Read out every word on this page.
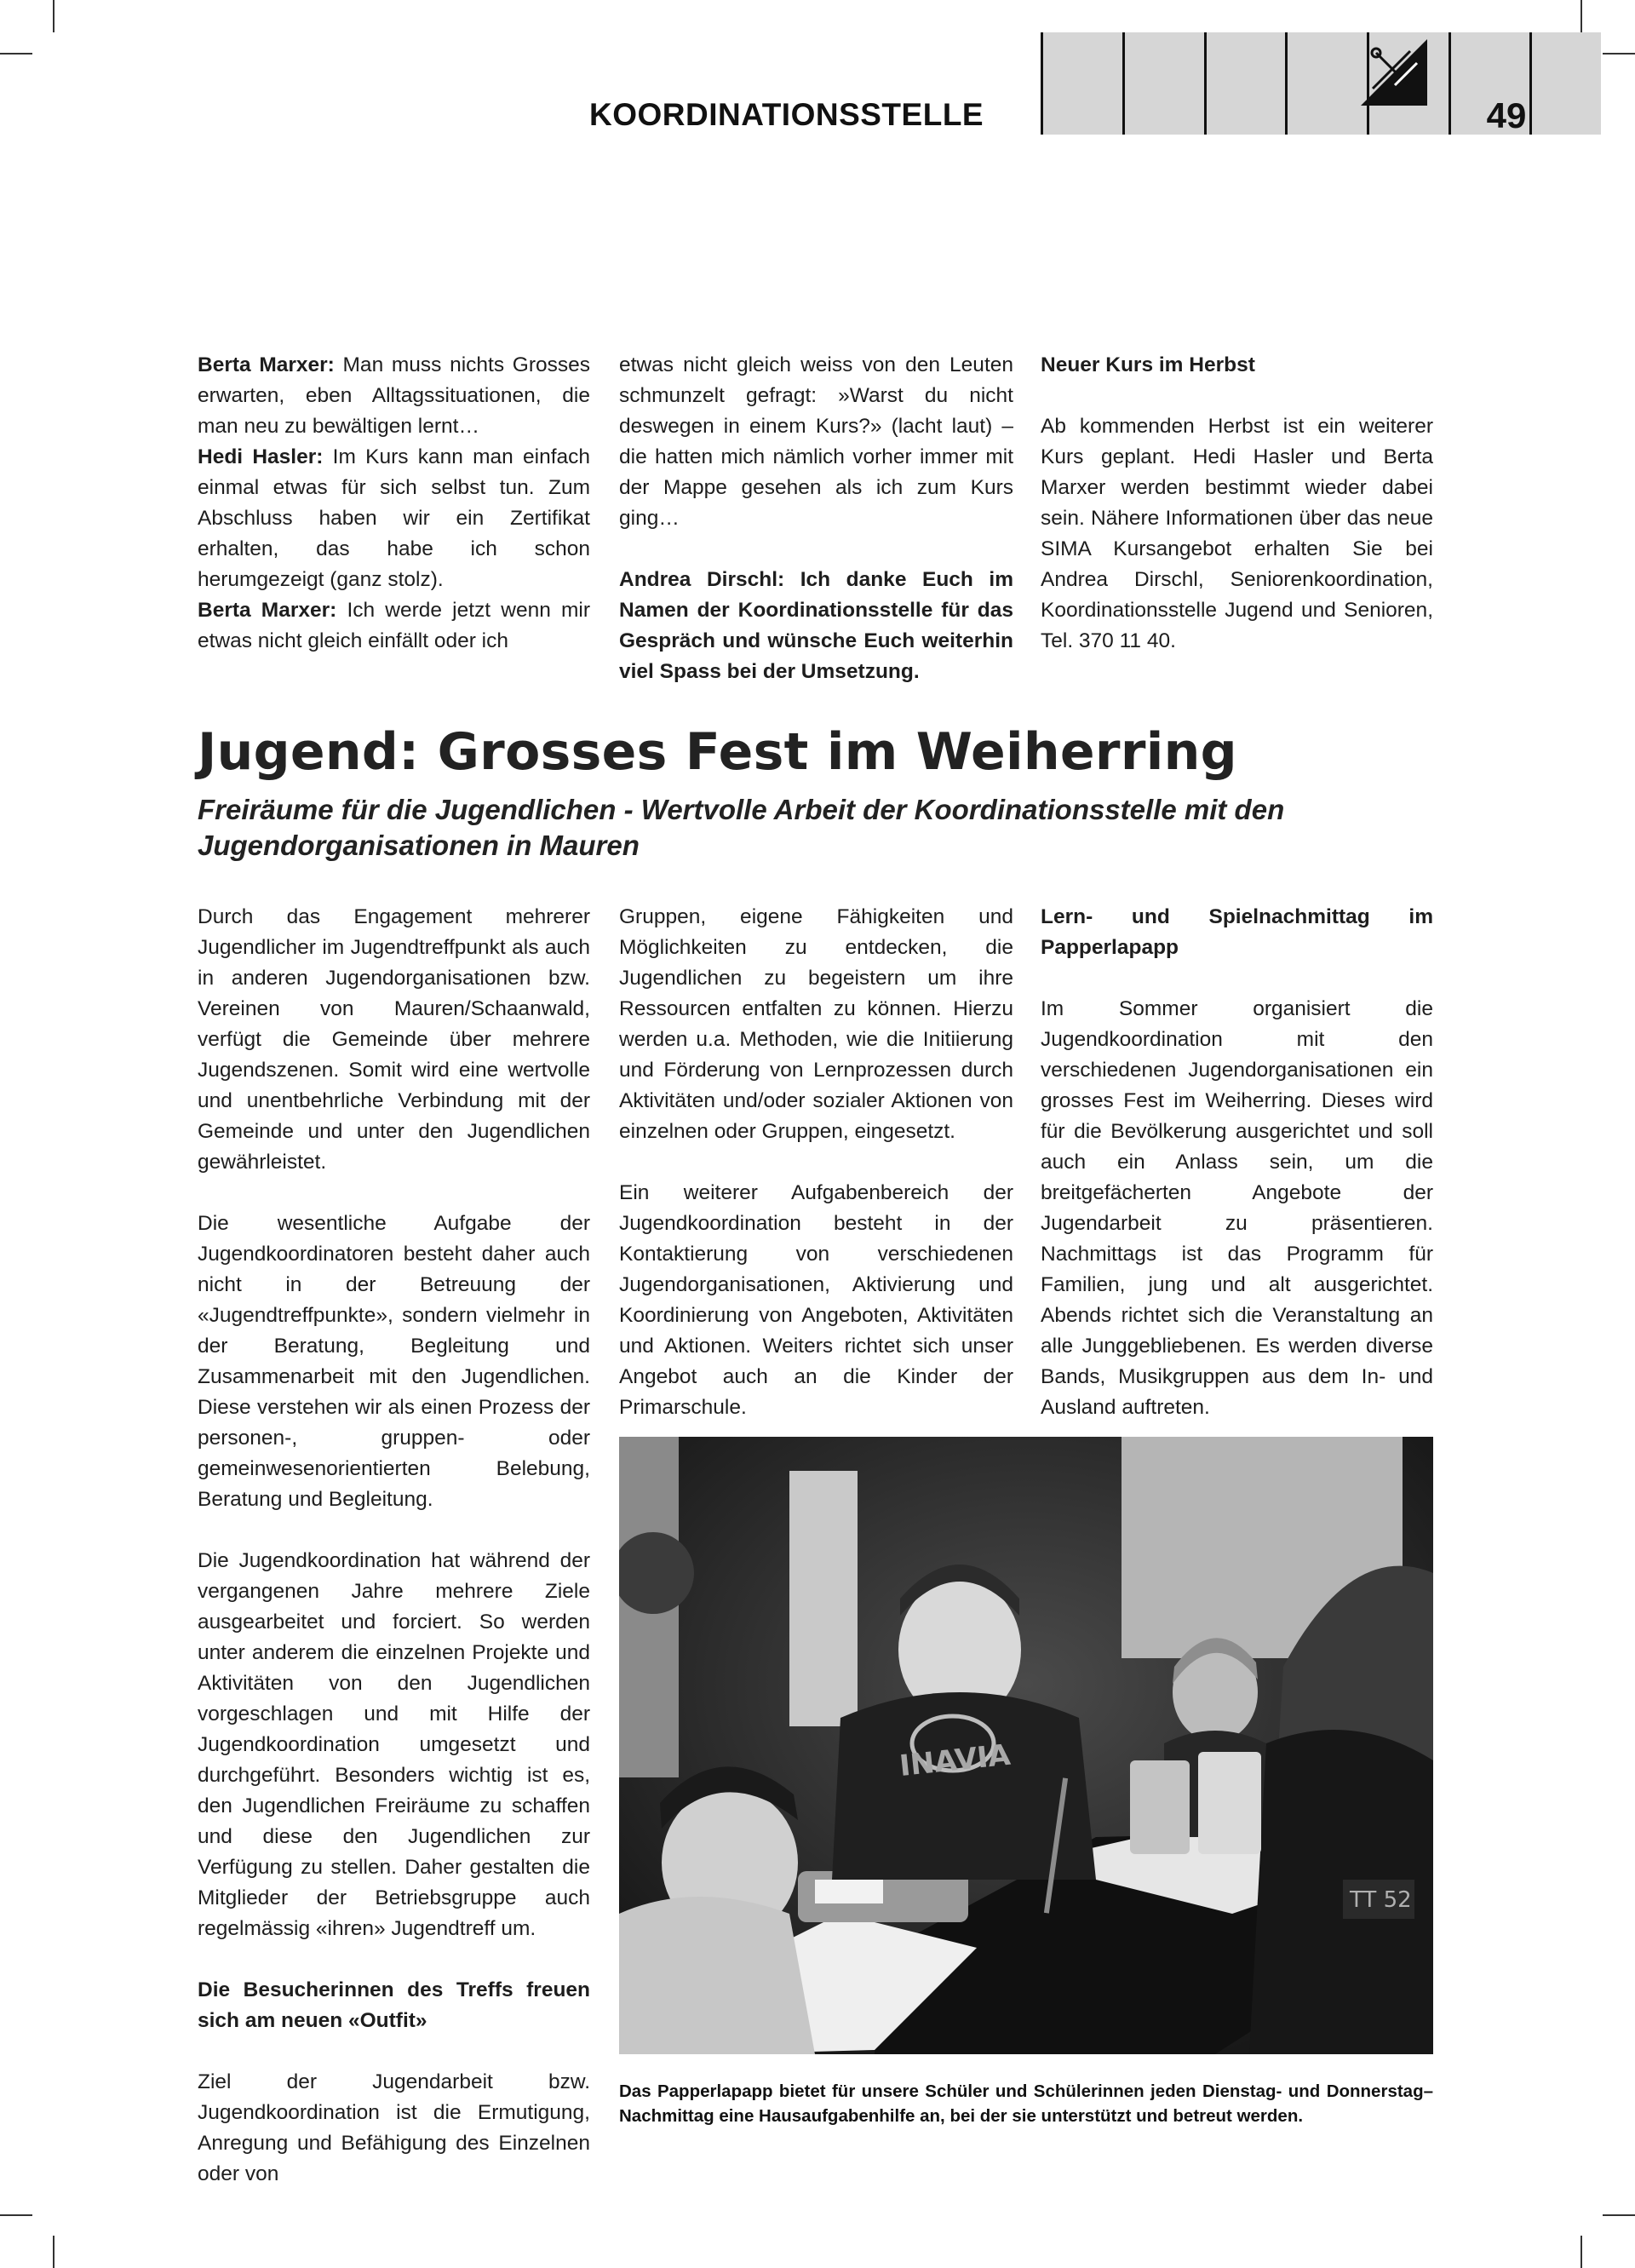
KOORDINATIONSSTELLE	49

Berta Marxer: Man muss nichts Grosses erwarten, eben Alltagssituationen, die man neu zu bewältigen lernt…

Hedi Hasler: Im Kurs kann man einfach einmal etwas für sich selbst tun. Zum Abschluss haben wir ein Zertifikat erhalten, das habe ich schon herumgezeigt (ganz stolz).

Berta Marxer: Ich werde jetzt wenn mir etwas nicht gleich einfällt oder ich

etwas nicht gleich weiss von den Leuten schmunzelt gefragt: »Warst du nicht deswegen in einem Kurs?» (lacht laut) – die hatten mich nämlich vorher immer mit der Mappe gesehen als ich zum Kurs ging…

Andrea Dirschl: Ich danke Euch im Namen der Koordinationsstelle für das Gespräch und wünsche Euch weiterhin viel Spass bei der Umsetzung.

Neuer Kurs im Herbst

Ab kommenden Herbst ist ein weiterer Kurs geplant. Hedi Hasler und Berta Marxer werden bestimmt wieder dabei sein. Nähere Informationen über das neue SIMA Kursangebot erhalten Sie bei Andrea Dirschl, Seniorenkoordination, Koordinationsstelle Jugend und Senioren, Tel. 370 11 40.

Jugend: Grosses Fest im Weiherring

Freiräume für die Jugendlichen - Wertvolle Arbeit der Koordinationsstelle mit den Jugendorganisationen in Mauren

Durch das Engagement mehrerer Jugendlicher im Jugendtreffpunkt als auch in anderen Jugendorganisationen bzw. Vereinen von Mauren/Schaanwald, verfügt die Gemeinde über mehrere Jugendszenen. Somit wird eine wertvolle und unentbehrliche Verbindung mit der Gemeinde und unter den Jugendlichen gewährleistet.

Die wesentliche Aufgabe der Jugendkoordinatoren besteht daher auch nicht in der Betreuung der «Jugendtreffpunkte», sondern vielmehr in der Beratung, Begleitung und Zusammenarbeit mit den Jugendlichen. Diese verstehen wir als einen Prozess der personen-, gruppen- oder gemeinwesenorientierten Belebung, Beratung und Begleitung.

Die Jugendkoordination hat während der vergangenen Jahre mehrere Ziele ausgearbeitet und forciert. So werden unter anderem die einzelnen Projekte und Aktivitäten von den Jugendlichen vorgeschlagen und mit Hilfe der Jugendkoordination umgesetzt und durchgeführt. Besonders wichtig ist es, den Jugendlichen Freiräume zu schaffen und diese den Jugendlichen zur Verfügung zu stellen. Daher gestalten die Mitglieder der Betriebsgruppe auch regelmässig «ihren» Jugendtreff um.

Die Besucherinnen des Treffs freuen sich am neuen «Outfit»

Ziel der Jugendarbeit bzw. Jugendkoordination ist die Ermutigung, Anregung und Befähigung des Einzelnen oder von

Gruppen, eigene Fähigkeiten und Möglichkeiten zu entdecken, die Jugendlichen zu begeistern um ihre Ressourcen entfalten zu können. Hierzu werden u.a. Methoden, wie die Initiierung und Förderung von Lernprozessen durch Aktivitäten und/oder sozialer Aktionen von einzelnen oder Gruppen, eingesetzt.

Ein weiterer Aufgabenbereich der Jugendkoordination besteht in der Kontaktierung von verschiedenen Jugendorganisationen, Aktivierung und Koordinierung von Angeboten, Aktivitäten und Aktionen. Weiters richtet sich unser Angebot auch an die Kinder der Primarschule.

Lern- und Spielnachmittag im Papperlapapp

Im Sommer organisiert die Jugendkoordination mit den verschiedenen Jugendorganisationen ein grosses Fest im Weiherring. Dieses wird für die Bevölkerung ausgerichtet und soll auch ein Anlass sein, um die breitgefächerten Angebote der Jugendarbeit zu präsentieren. Nachmittags ist das Programm für Familien, jung und alt ausgerichtet. Abends richtet sich die Veranstaltung an alle Junggebliebenen. Es werden diverse Bands, Musikgruppen aus dem In- und Ausland auftreten.

INAVIA
TT 52

Das Papperlapapp bietet für unsere Schüler und Schülerinnen jeden Dienstag- und Donnerstag–Nachmittag eine Hausaufgabenhilfe an, bei der sie unterstützt und betreut werden.
